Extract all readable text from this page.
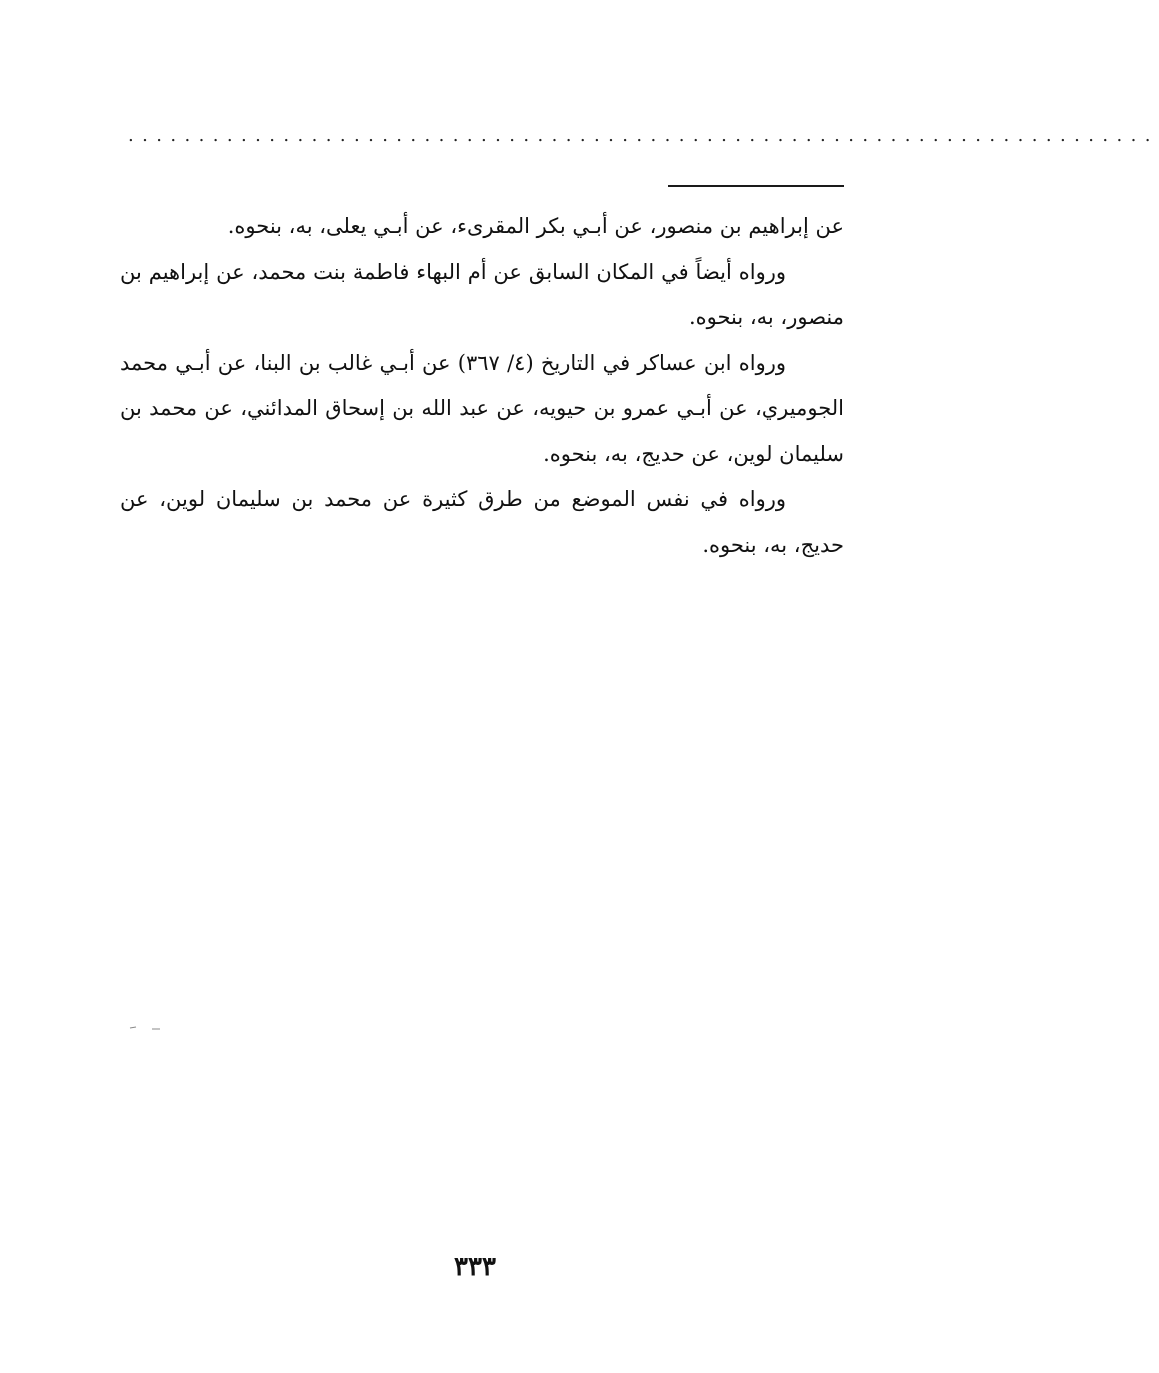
.........................................................................

عن إبراهيم بن منصور، عن أبـي بكر المقرىء، عن أبـي يعلى، به، بنحوه.

ورواه أيضاً في المكان السابق عن أم البهاء فاطمة بنت محمد، عن إبراهيم بن منصور، به، بنحوه.

ورواه ابن عساكر في التاريخ (٤/ ٣٦٧) عن أبـي غالب بن البنا، عن أبـي محمد الجوميري، عن أبـي عمرو بن حيويه، عن عبد الله بن إسحاق المدائني، عن محمد بن سليمان لوين، عن حديج، به، بنحوه.

ورواه في نفس الموضع من طرق كثيرة عن محمد بن سليمان لوين، عن حديج، به، بنحوه.

٣٣٣
